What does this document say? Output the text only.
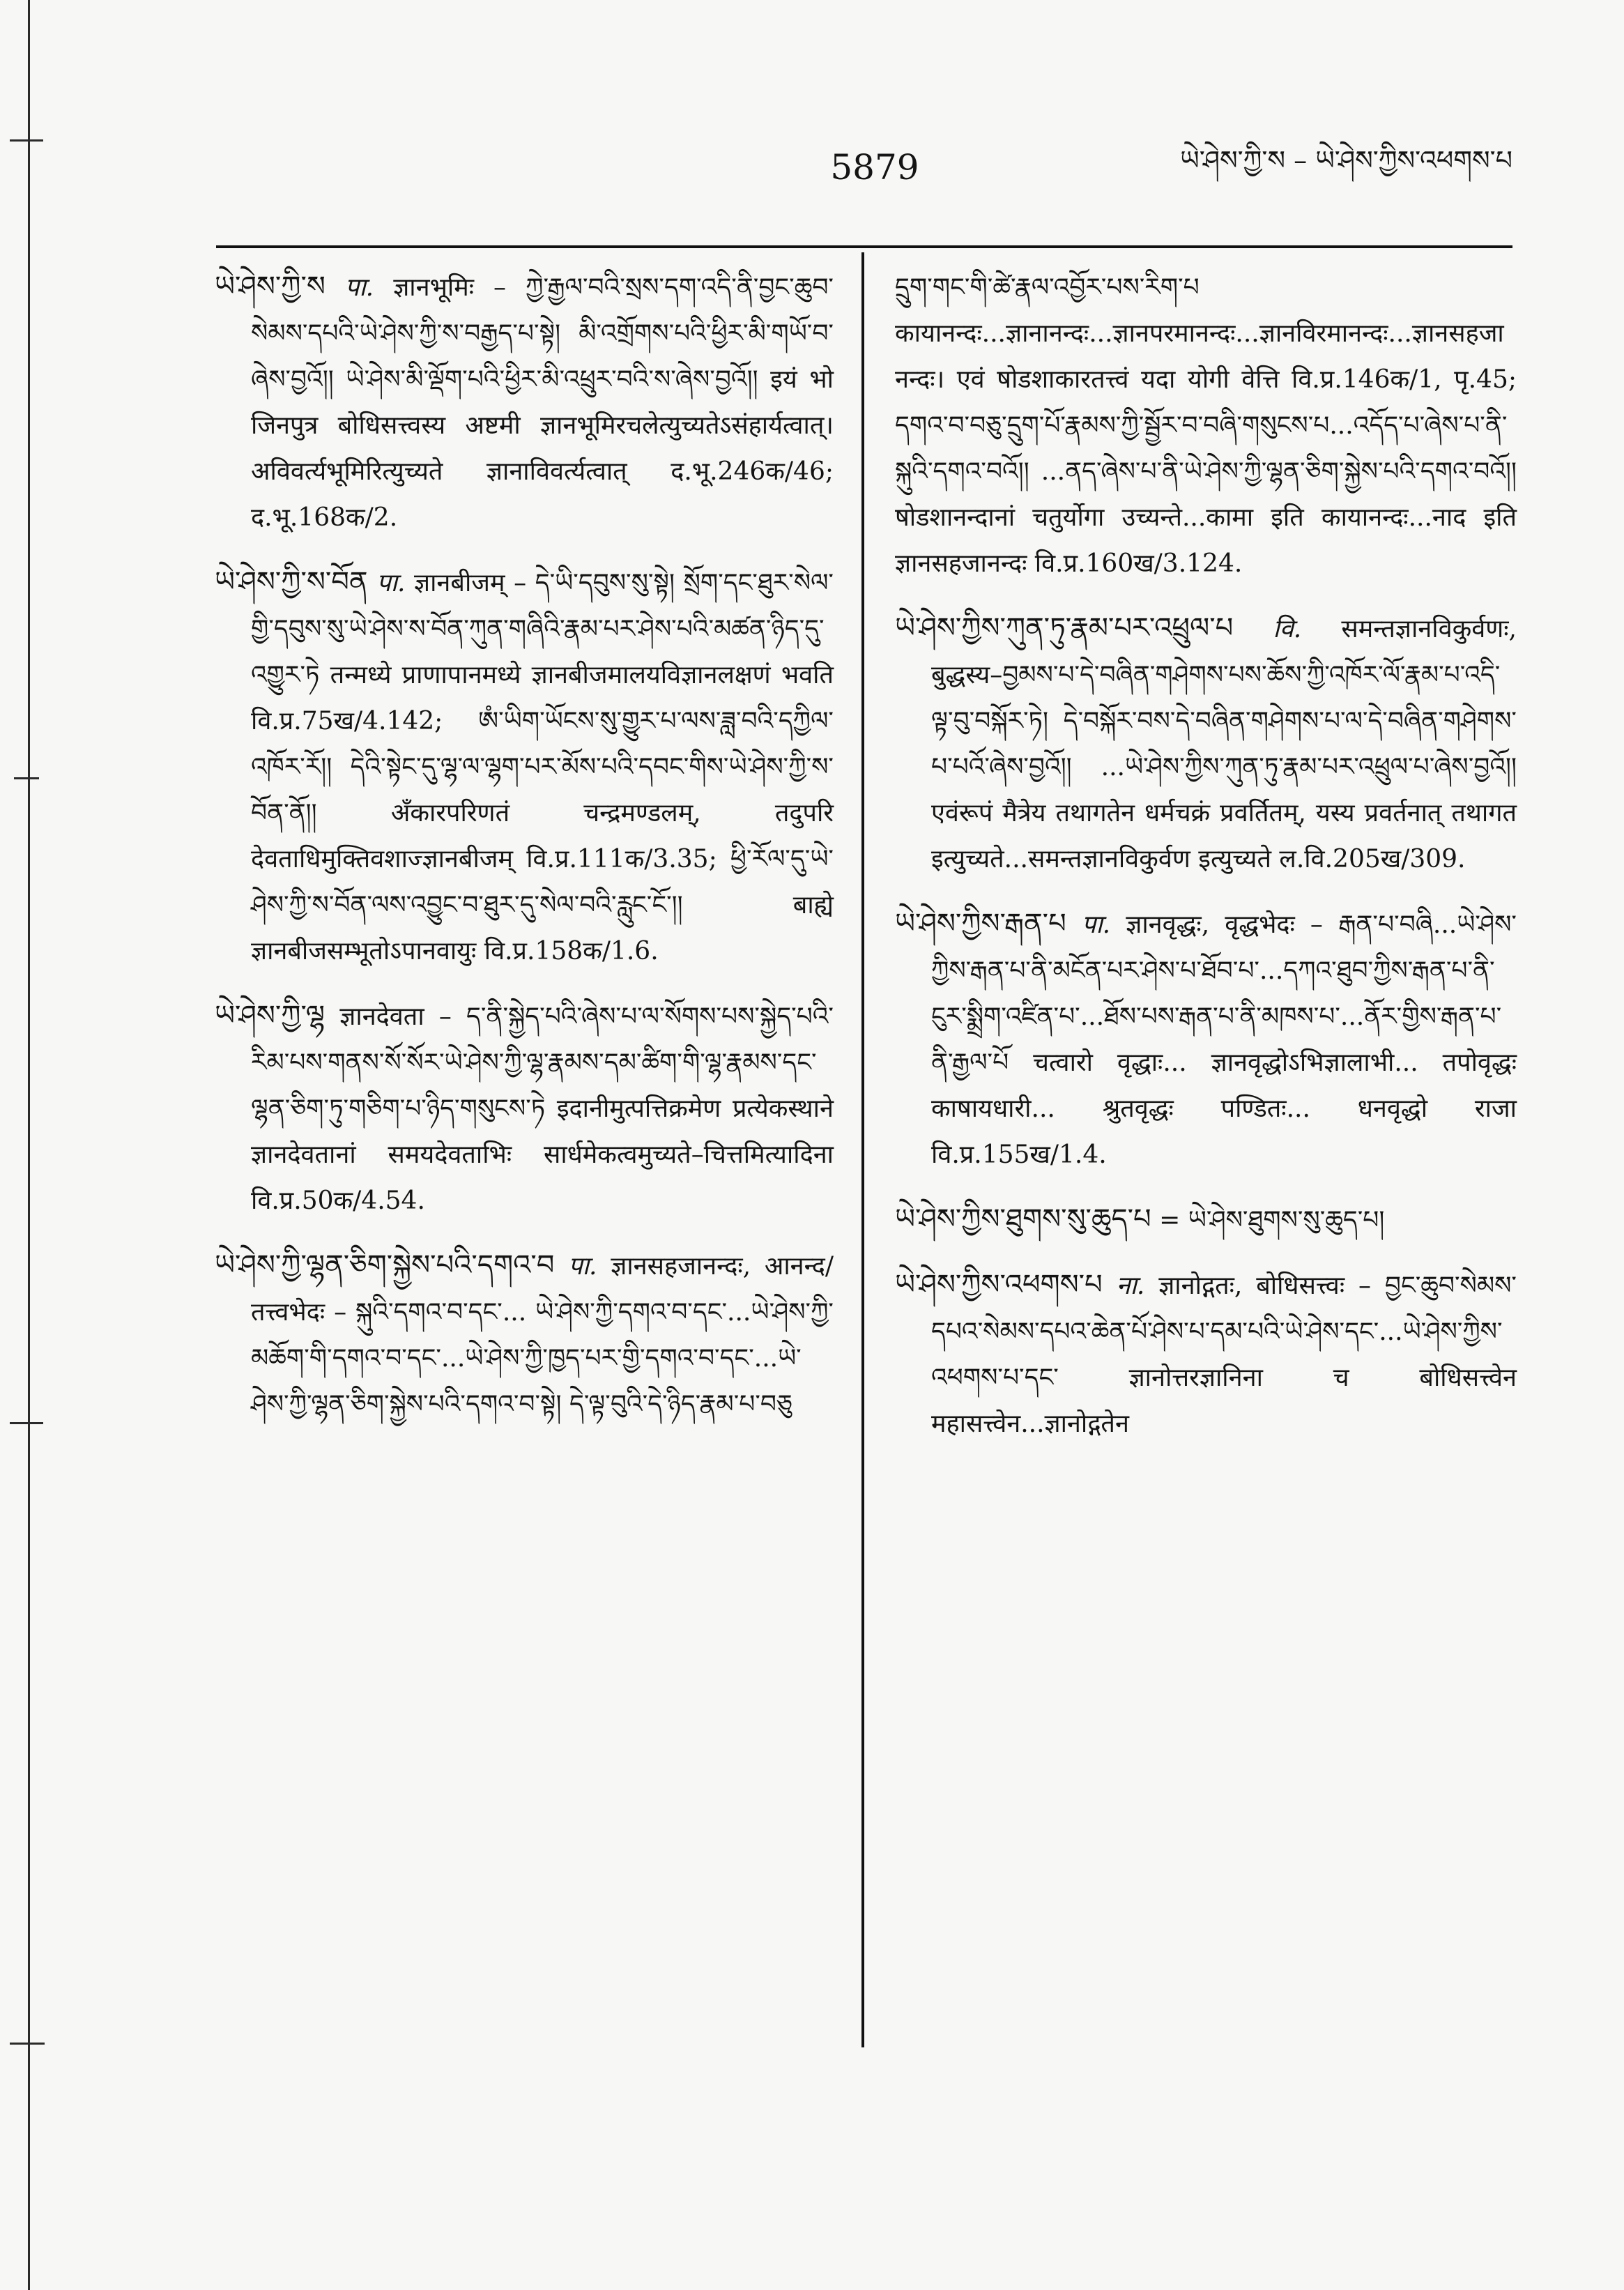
5879	ཡེ་ཤེས་ཀྱི་ས – ཡེ་ཤེས་ཀྱིས་འཕགས་པ

ཡེ་ཤེས་ཀྱི་ས पा. ज्ञानभूमिः – ཀྱེ་རྒྱལ་བའི་སྲས་དག་འདི་ནི་བྱང་ཆུབ་སེམས་དཔའི་ཡེ་ཤེས་ཀྱི་ས་བརྒྱད་པ་སྟེ། མི་འགྲོགས་པའི་ཕྱིར་མི་གཡོ་བ་ཞེས་བྱའོ།། ཡེ་ཤེས་མི་ལྡོག་པའི་ཕྱིར་མི་འཕྲུར་བའི་ས་ཞེས་བྱའོ།། इयं भो जिनपुत्र बोधिसत्त्वस्य अष्टमी ज्ञानभूमिरचलेत्युच्यतेऽसंहार्यत्वात्। अविवर्त्यभूमिरित्युच्यते ज्ञानाविवर्त्यत्वात् द.भू.246क/46; द.भू.168क/2.

ཡེ་ཤེས་ཀྱི་ས་བོན पा. ज्ञानबीजम् – དེ་ཡི་དབུས་སུ་སྟེ། སྲོག་དང་ཐུར་སེལ་གྱི་དབུས་སུ་ཡེ་ཤེས་ས་བོན་ཀུན་གཞིའི་རྣམ་པར་ཤེས་པའི་མཚན་ཉིད་དུ་འགྱུར་ཏེ तन्मध्ये प्राणापानमध्ये ज्ञानबीजमालयविज्ञानलक्षणं भवति वि.प्र.75ख/4.142; ཨཾ་ཡིག་ཡོངས་སུ་གྱུར་པ་ལས་ཟླ་བའི་དཀྱིལ་འཁོར་རོ།། དེའི་སྟེང་དུ་ལྷ་ལ་ལྷག་པར་མོས་པའི་དབང་གིས་ཡེ་ཤེས་ཀྱི་ས་བོན་ནོ།། अँकारपरिणतं चन्द्रमण्डलम्, तदुपरि देवताधिमुक्तिवशाज्ज्ञानबीजम् वि.प्र.111क/3.35; ཕྱི་རོལ་དུ་ཡེ་ཤེས་ཀྱི་ས་བོན་ལས་འབྱུང་བ་ཐུར་དུ་སེལ་བའི་རླུང་ངོ་།། बाह्ये ज्ञानबीजसम्भूतोऽपानवायुः वि.प्र.158क/1.6.

ཡེ་ཤེས་ཀྱི་ལྷ ज्ञानदेवता – ད་ནི་སྐྱེད་པའི་ཞེས་པ་ལ་སོགས་པས་སྐྱེད་པའི་རིམ་པས་གནས་སོ་སོར་ཡེ་ཤེས་ཀྱི་ལྷ་རྣམས་དམ་ཚིག་གི་ལྷ་རྣམས་དང་ལྷན་ཅིག་ཏུ་གཅིག་པ་ཉིད་གསུངས་ཏེ इदानीमुत्पत्तिक्रमेण प्रत्येकस्थाने ज्ञानदेवतानां समयदेवताभिः सार्धमेकत्वमुच्यते–चित्तमित्यादिना वि.प्र.50क/4.54.

ཡེ་ཤེས་ཀྱི་ལྷན་ཅིག་སྐྱེས་པའི་དགའ་བ पा. ज्ञानसहजानन्दः, आनन्द/तत्त्वभेदः – སྐུའི་དགའ་བ་དང་... ཡེ་ཤེས་ཀྱི་དགའ་བ་དང་...ཡེ་ཤེས་ཀྱི་མཆོག་གི་དགའ་བ་དང་...ཡེ་ཤེས་ཀྱི་ཁྱད་པར་གྱི་དགའ་བ་དང་...ཡེ་ཤེས་ཀྱི་ལྷན་ཅིག་སྐྱེས་པའི་དགའ་བ་སྟེ། དེ་ལྟ་བུའི་དེ་ཉིད་རྣམ་པ་བཅུ

དྲུག་གང་གི་ཚེ་རྣལ་འབྱོར་པས་རིག་པ कायानन्दः...ज्ञानानन्दः...ज्ञानपरमानन्दः...ज्ञानविरमानन्दः...ज्ञानसहजानन्दः। एवं षोडशाकारतत्त्वं यदा योगी वेत्ति वि.प्र.146क/1, पृ.45; དགའ་བ་བཅུ་དྲུག་པོ་རྣམས་ཀྱི་སྦྱོར་བ་བཞི་གསུངས་པ...འདོད་པ་ཞེས་པ་ནི་སྐུའི་དགའ་བའོ།། ...ནད་ཞེས་པ་ནི་ཡེ་ཤེས་ཀྱི་ལྷན་ཅིག་སྐྱེས་པའི་དགའ་བའོ།། षोडशानन्दानां चतुर्योगा उच्यन्ते...कामा इति कायानन्दः...नाद इति ज्ञानसहजानन्दः वि.प्र.160ख/3.124.

ཡེ་ཤེས་ཀྱིས་ཀུན་ཏུ་རྣམ་པར་འཕྲུལ་པ वि. समन्तज्ञानविकुर्वणः, बुद्धस्य–བྱམས་པ་དེ་བཞིན་གཤེགས་པས་ཆོས་ཀྱི་འཁོར་ལོ་རྣམ་པ་འདི་ལྟ་བུ་བསྐོར་ཏེ། དེ་བསྐོར་བས་དེ་བཞིན་གཤེགས་པ་ལ་དེ་བཞིན་གཤེགས་པ་པའོ་ཞེས་བྱའོ།། ...ཡེ་ཤེས་ཀྱིས་ཀུན་ཏུ་རྣམ་པར་འཕྲུལ་པ་ཞེས་བྱའོ།། एवंरूपं मैत्रेय तथागतेन धर्मचक्रं प्रवर्तितम्, यस्य प्रवर्तनात् तथागत इत्युच्यते...समन्तज्ञानविकुर्वण इत्युच्यते ल.वि.205ख/309.

ཡེ་ཤེས་ཀྱིས་རྒན་པ पा. ज्ञानवृद्धः, वृद्धभेदः – རྒན་པ་བཞི...ཡེ་ཤེས་ཀྱིས་རྒན་པ་ནི་མངོན་པར་ཤེས་པ་ཐོབ་པ་...དཀའ་ཐུབ་ཀྱིས་རྒན་པ་ནི་ངུར་སྨྲིག་འཛིན་པ་...ཐོས་པས་རྒན་པ་ནི་མཁས་པ་...ནོར་གྱིས་རྒན་པ་ནི་རྒྱལ་པོ चत्वारो वृद्धाः... ज्ञानवृद्धोऽभिज्ञालाभी... तपोवृद्धः काषायधारी... श्रुतवृद्धः पण्डितः... धनवृद्धो राजा वि.प्र.155ख/1.4.

ཡེ་ཤེས་ཀྱིས་ཐུགས་སུ་ཆུད་པ = ཡེ་ཤེས་ཐུགས་སུ་ཆུད་པ།

ཡེ་ཤེས་ཀྱིས་འཕགས་པ ना. ज्ञानोद्गतः, बोधिसत्त्वः – བྱང་ཆུབ་སེམས་དཔའ་སེམས་དཔའ་ཆེན་པོ་ཤེས་པ་དམ་པའི་ཡེ་ཤེས་དང་...ཡེ་ཤེས་ཀྱིས་འཕགས་པ་དང་ ज्ञानोत्तरज्ञानिना च बोधिसत्त्वेन महासत्त्वेन...ज्ञानोद्गतेन
